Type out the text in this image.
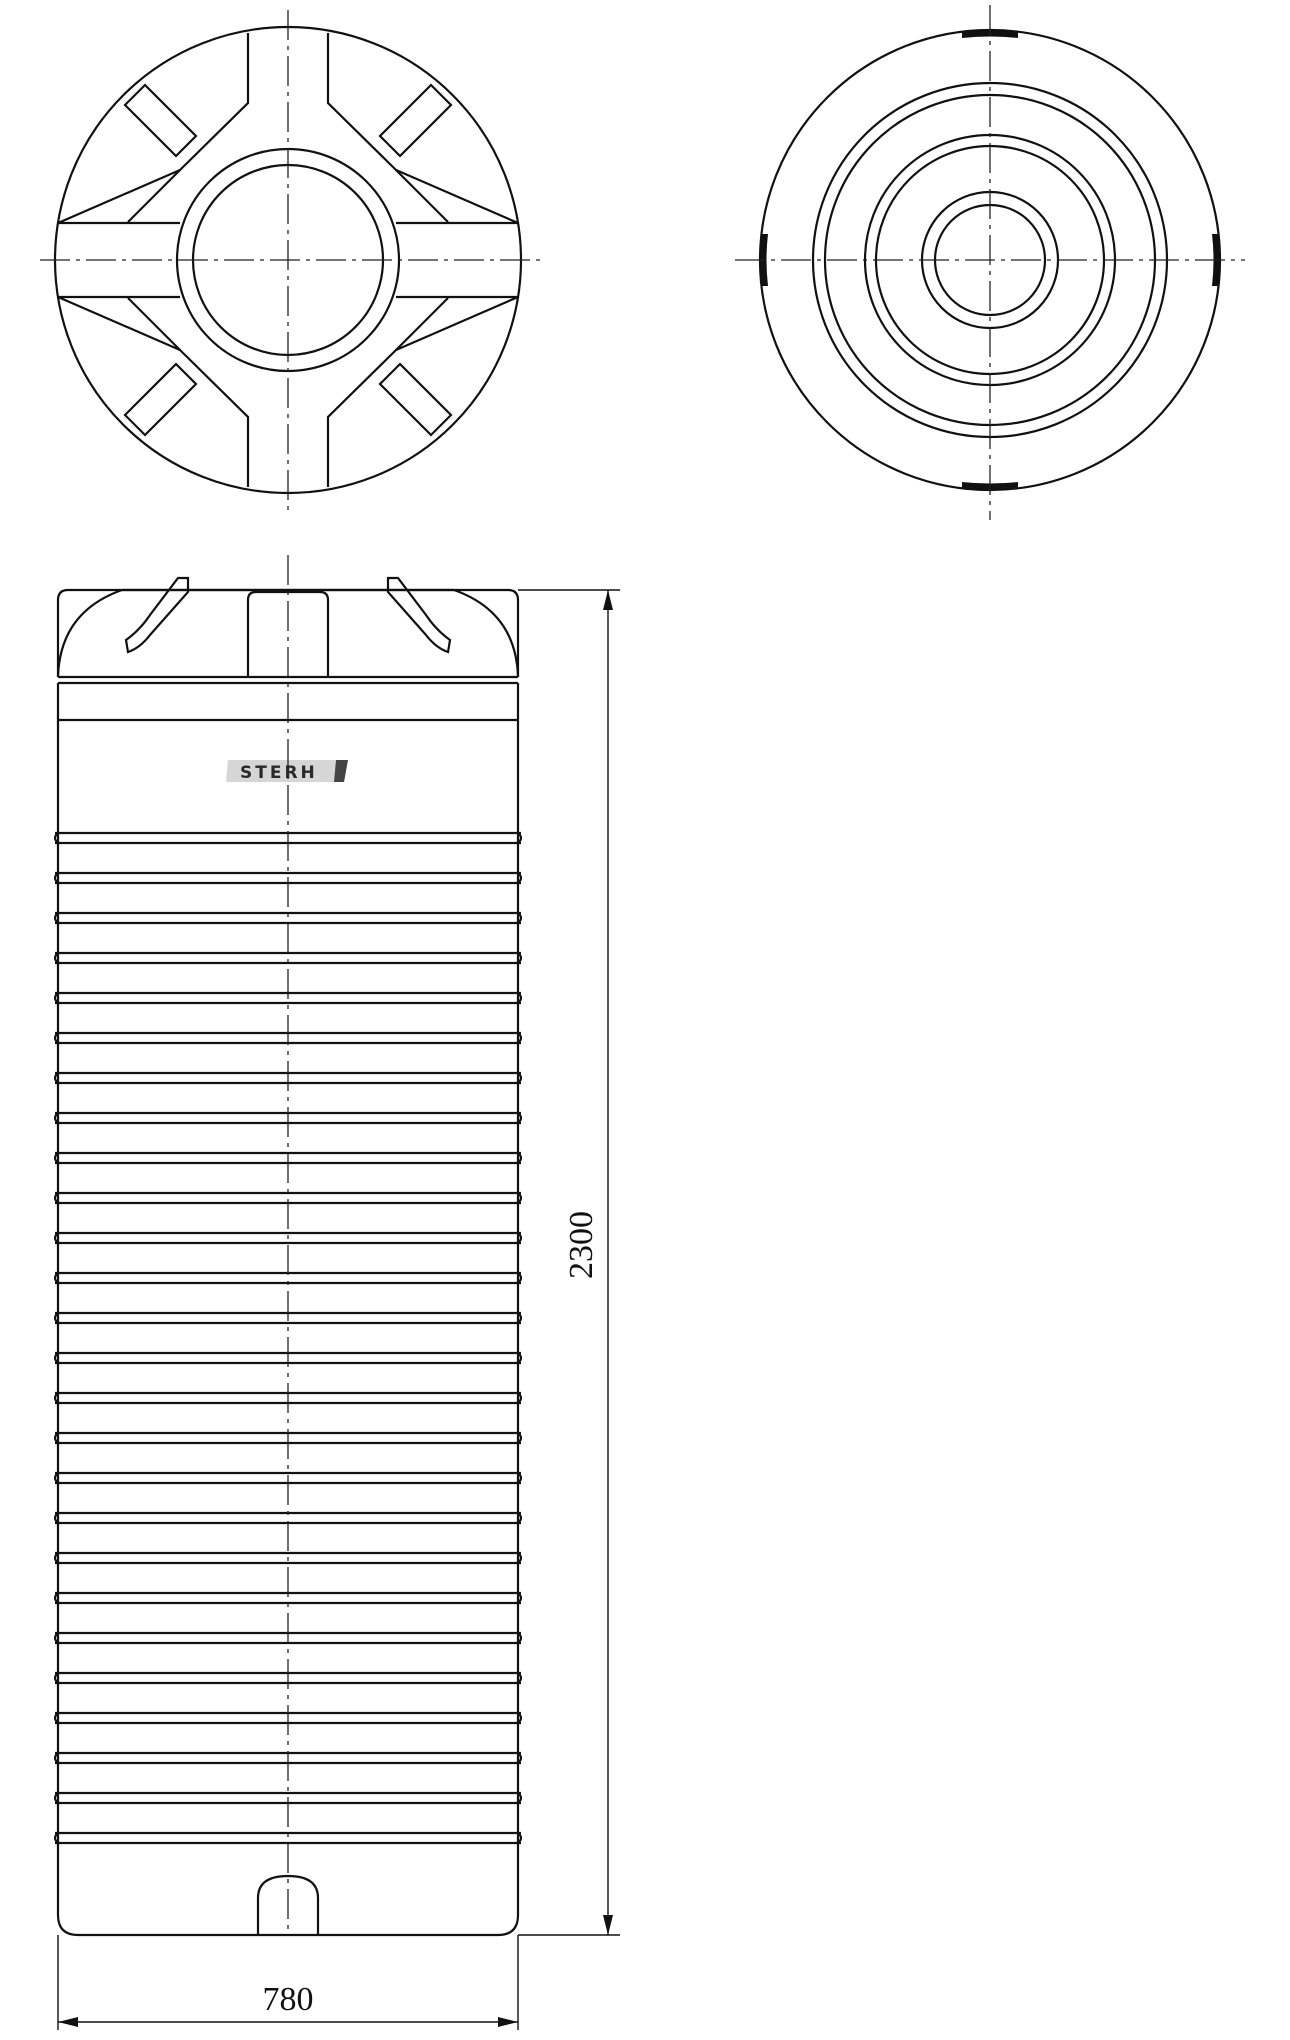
STERH
2300
780
